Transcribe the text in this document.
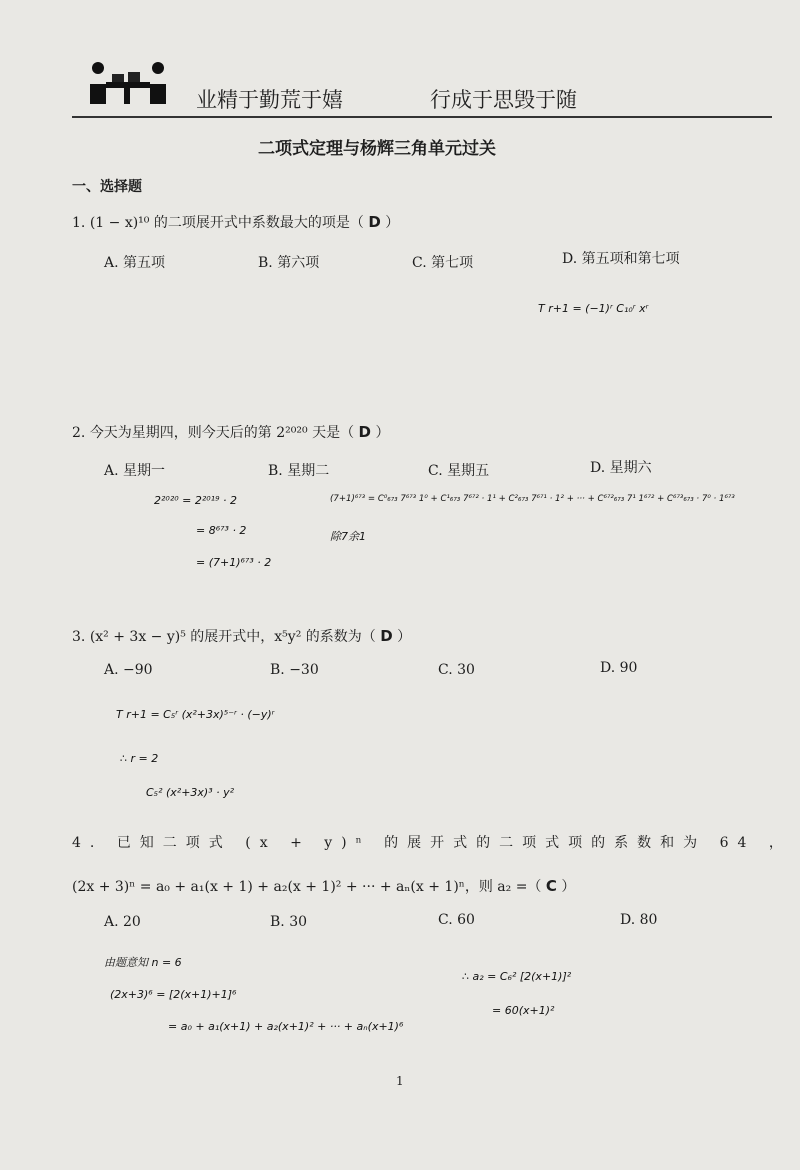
业精于勤荒于嬉	行成于思毁于随
二项式定理与杨辉三角单元过关
一、选择题
1. (1 − x)¹⁰ 的二项展开式中系数最大的项是（ D ）
A. 第五项	B. 第六项	C. 第七项	D. 第五项和第七项
T r+1 = (−1)ʳ C₁₀ʳ xʳ
2. 今天为星期四，则今天后的第 2²⁰²⁰ 天是（ D ）
A. 星期一	B. 星期二	C. 星期五	D. 星期六
2²⁰²⁰ = 2²⁰¹⁹ · 2
= 8⁶⁷³ · 2
= (7+1)⁶⁷³ · 2
(7+1)⁶⁷³ = C⁰₆₇₃ 7⁶⁷³ 1⁰ + C¹₆₇₃ 7⁶⁷² · 1¹ + C²₆₇₃ 7⁶⁷¹ · 1² + ··· + C⁶⁷²₆₇₃ 7¹ 1⁶⁷² + C⁶⁷³₆₇₃ · 7⁰ · 1⁶⁷³
除7余1
3. (x² + 3x − y)⁵ 的展开式中，x⁵y² 的系数为（ D ）
A. −90	B. −30	C. 30	D. 90
T r+1 = C₅ʳ (x²+3x)⁵⁻ʳ · (−y)ʳ
∴ r = 2
C₅² (x²+3x)³ · y²
4. 已知二项式 (x + y)ⁿ 的展开式的二项式项的系数和为 64 ，
(2x + 3)ⁿ = a₀ + a₁(x + 1) + a₂(x + 1)² + ··· + aₙ(x + 1)ⁿ，则 a₂ =（ C ）
A. 20	B. 30	C. 60	D. 80
由题意知 n = 6
(2x+3)⁶ = [2(x+1)+1]⁶
= a₀ + a₁(x+1) + a₂(x+1)² + ··· + aₙ(x+1)⁶
∴ a₂ = C₆² [2(x+1)]²
= 60(x+1)²
1
